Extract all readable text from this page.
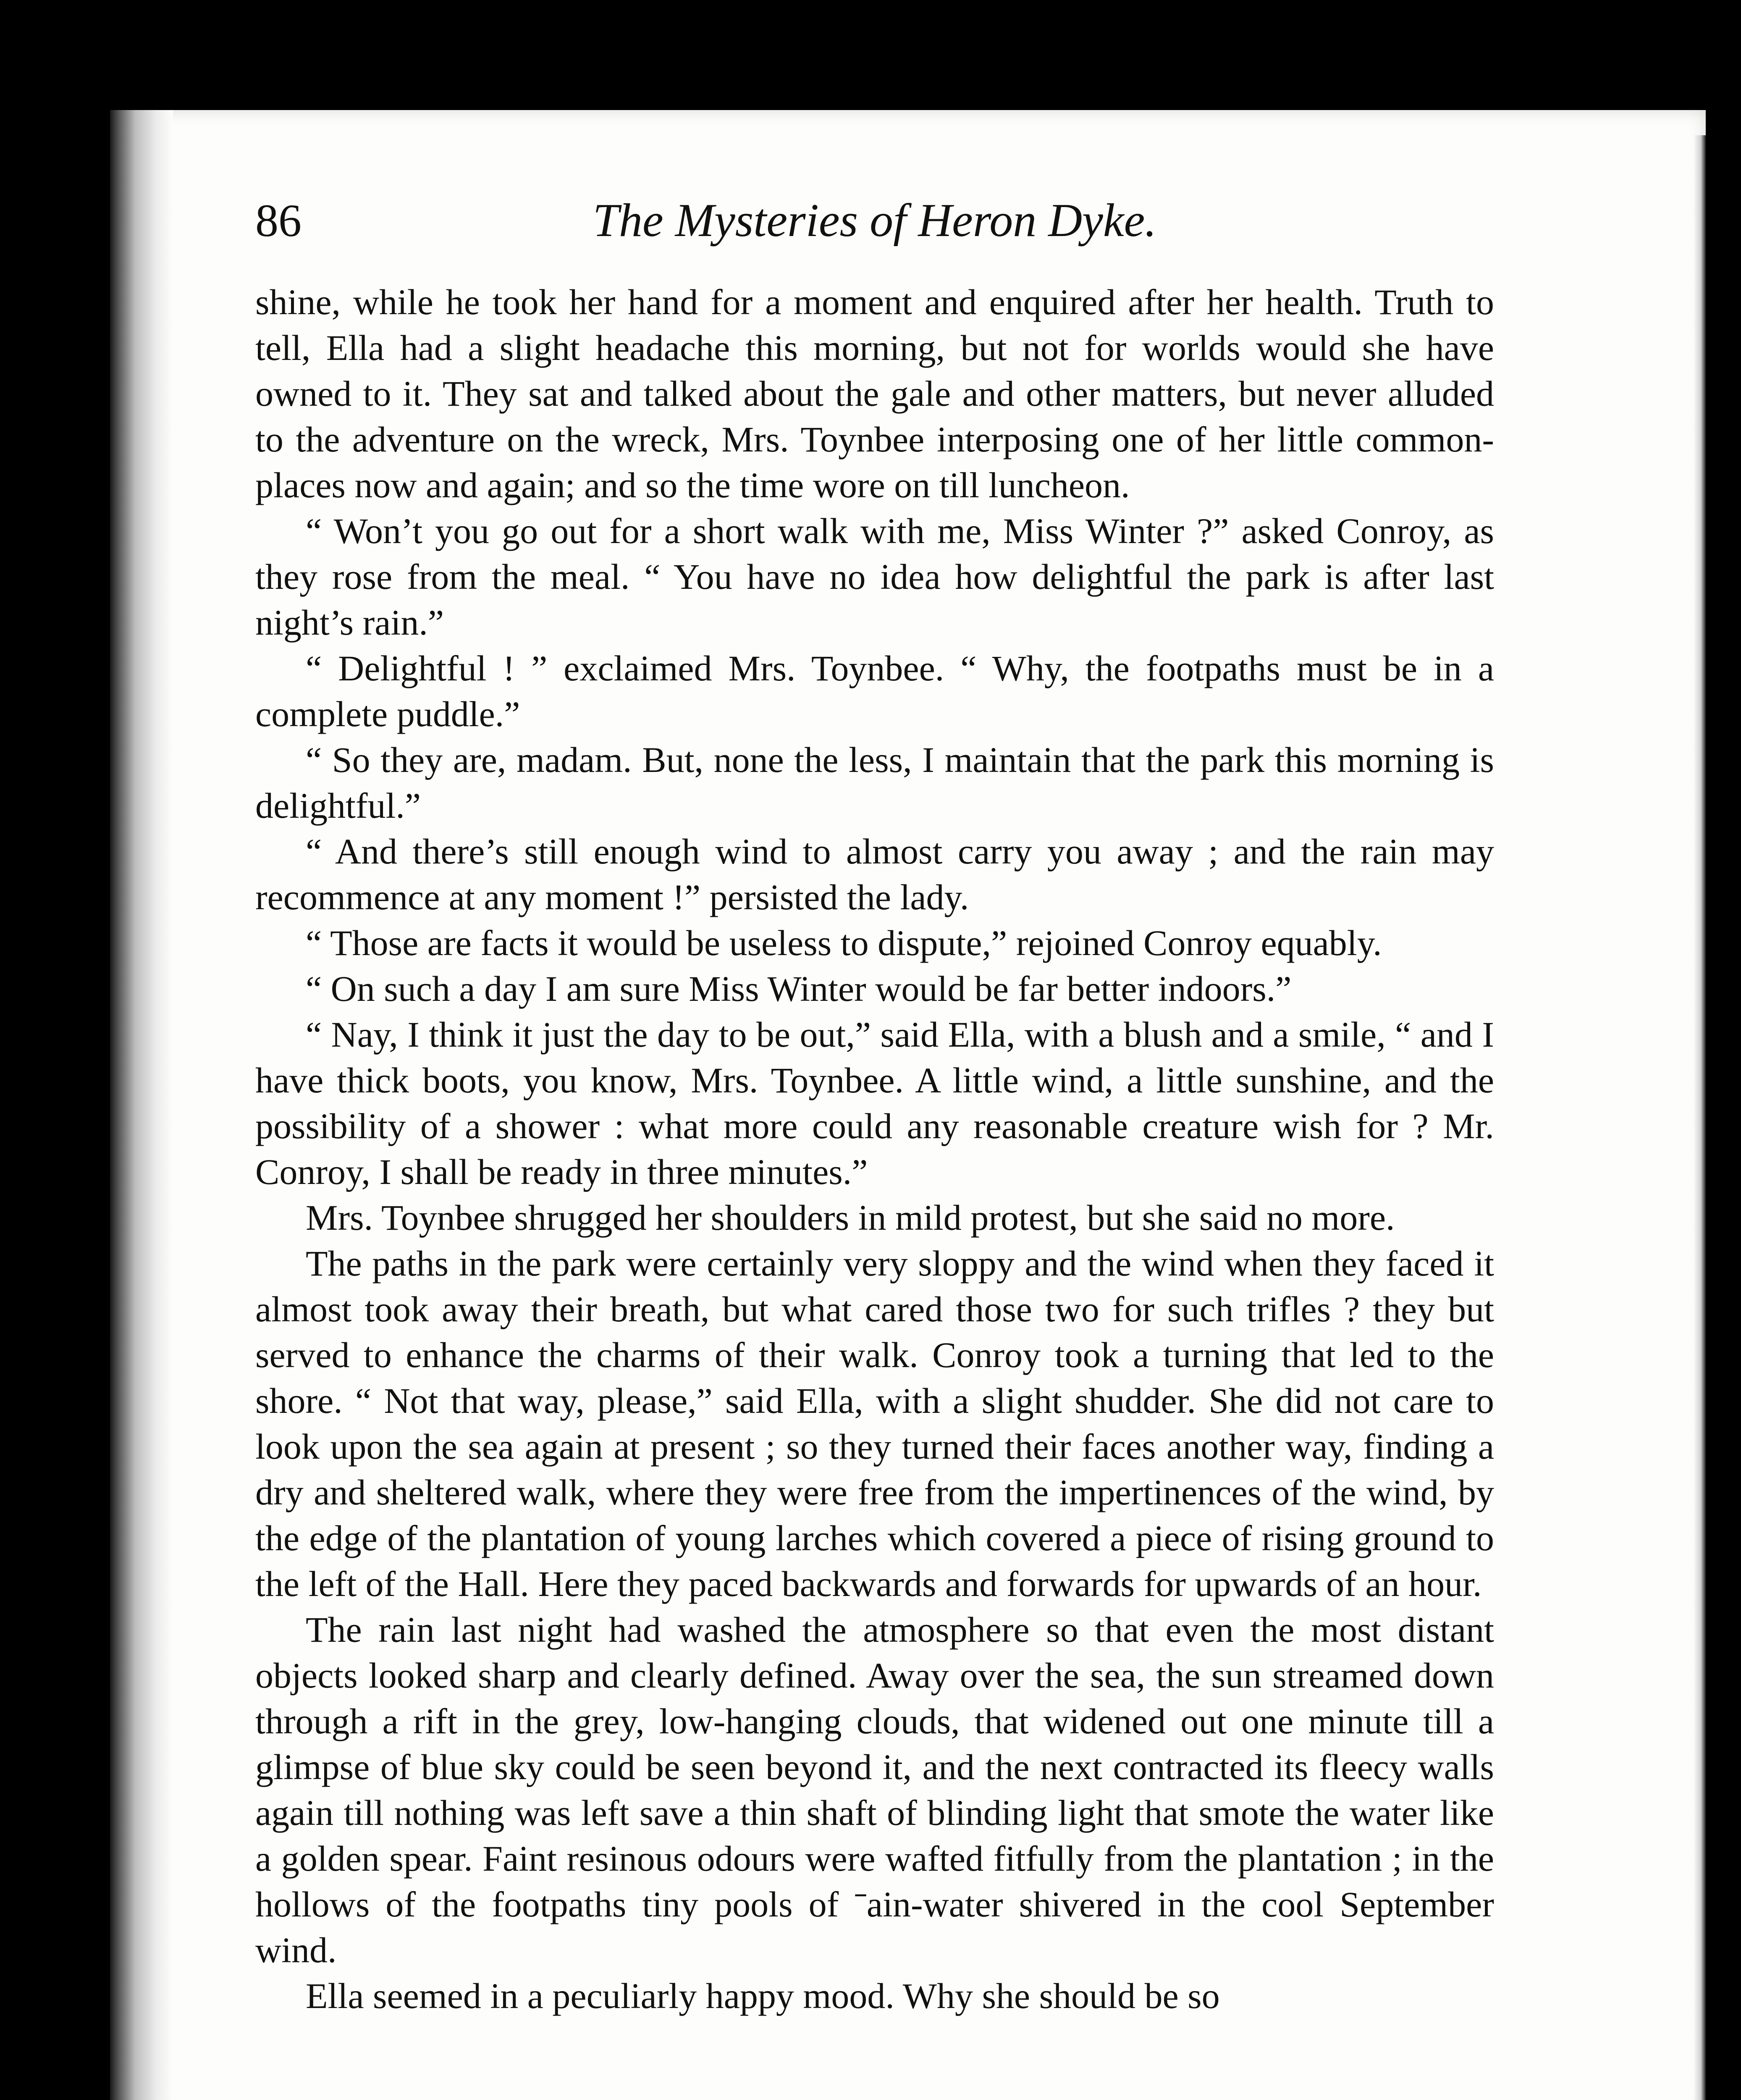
86	The Mysteries of Heron Dyke.

shine, while he took her hand for a moment and enquired after her health. Truth to tell, Ella had a slight headache this morning, but not for worlds would she have owned to it. They sat and talked about the gale and other matters, but never alluded to the adventure on the wreck, Mrs. Toynbee interposing one of her little commonplaces now and again; and so the time wore on till luncheon.

“ Won’t you go out for a short walk with me, Miss Winter ?” asked Conroy, as they rose from the meal. “ You have no idea how delightful the park is after last night’s rain.”

“ Delightful ! ” exclaimed Mrs. Toynbee. “ Why, the footpaths must be in a complete puddle.”

“ So they are, madam. But, none the less, I maintain that the park this morning is delightful.”

“ And there’s still enough wind to almost carry you away ; and the rain may recommence at any moment !” persisted the lady.

“ Those are facts it would be useless to dispute,” rejoined Conroy equably.

“ On such a day I am sure Miss Winter would be far better indoors.”

“ Nay, I think it just the day to be out,” said Ella, with a blush and a smile, “ and I have thick boots, you know, Mrs. Toynbee. A little wind, a little sunshine, and the possibility of a shower : what more could any reasonable creature wish for ? Mr. Conroy, I shall be ready in three minutes.”

Mrs. Toynbee shrugged her shoulders in mild protest, but she said no more.

The paths in the park were certainly very sloppy and the wind when they faced it almost took away their breath, but what cared those two for such trifles ? they but served to enhance the charms of their walk. Conroy took a turning that led to the shore. “ Not that way, please,” said Ella, with a slight shudder. She did not care to look upon the sea again at present ; so they turned their faces another way, finding a dry and sheltered walk, where they were free from the impertinences of the wind, by the edge of the plantation of young larches which covered a piece of rising ground to the left of the Hall. Here they paced backwards and forwards for upwards of an hour.

The rain last night had washed the atmosphere so that even the most distant objects looked sharp and clearly defined. Away over the sea, the sun streamed down through a rift in the grey, low-hanging clouds, that widened out one minute till a glimpse of blue sky could be seen beyond it, and the next contracted its fleecy walls again till nothing was left save a thin shaft of blinding light that smote the water like a golden spear. Faint resinous odours were wafted fitfully from the plantation ; in the hollows of the footpaths tiny pools of ˉain-water shivered in the cool September wind.

Ella seemed in a peculiarly happy mood. Why she should be so
